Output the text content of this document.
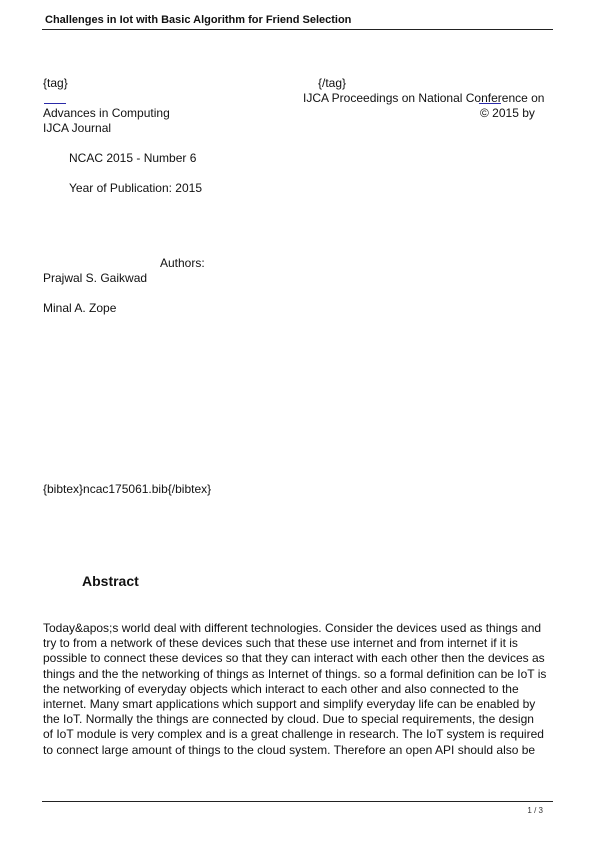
Challenges in Iot with Basic Algorithm for Friend Selection
{tag}	{/tag}
IJCA Proceedings on National Conference on
Advances in Computing	© 2015 by
IJCA Journal
NCAC 2015 - Number 6
Year of Publication: 2015
Authors:
Prajwal S. Gaikwad
Minal A. Zope
{bibtex}ncac175061.bib{/bibtex}
Abstract
Today&apos;s world deal with different technologies. Consider the devices used as things and
try to from a network of these devices such that these use internet and from internet if it is
possible to connect these devices so that they can interact with each other then the devices as
things and the the networking of things as Internet of things. so a formal definition can be IoT is
the networking of everyday objects which interact to each other and also connected to the
internet. Many smart applications which support and simplify everyday life can be enabled by
the IoT. Normally the things are connected by cloud. Due to special requirements, the design
of IoT module is very complex and is a great challenge in research. The IoT system is required
to connect large amount of things to the cloud system. Therefore an open API should also be
1 / 3
